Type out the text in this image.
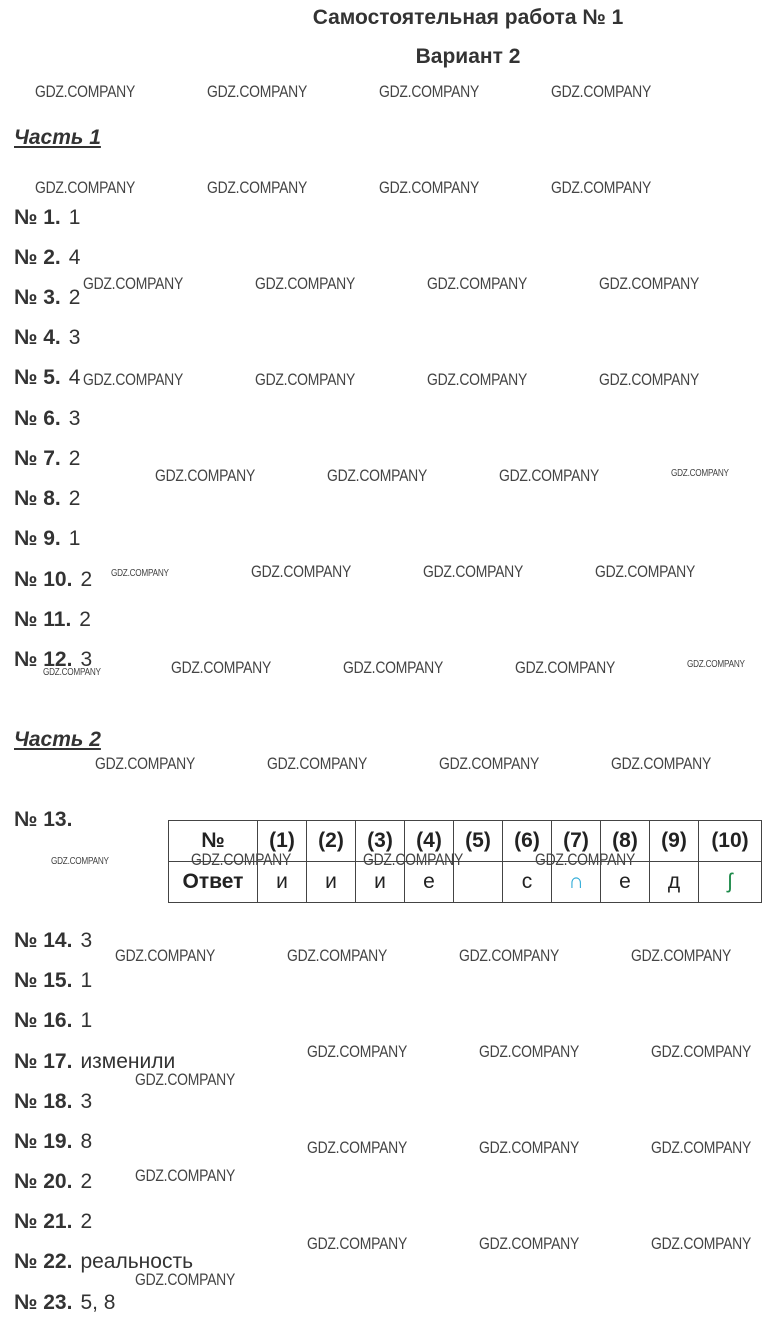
Самостоятельная работа № 1
Вариант 2
Часть 1
№ 1. 1
№ 2. 4
№ 3. 2
№ 4. 3
№ 5. 4
№ 6. 3
№ 7. 2
№ 8. 2
№ 9. 1
№ 10. 2
№ 11. 2
№ 12. 3
Часть 2
№ 13.
№	(1)	(2)	(3)	(4)	(5)	(6)	(7)	(8)	(9)	(10)
Ответ	и	и	и	е		с	∩	е	д	ʃ
№ 14. 3
№ 15. 1
№ 16. 1
№ 17. изменили
№ 18. 3
№ 19. 8
№ 20. 2
№ 21. 2
№ 22. реальность
№ 23. 5, 8
GDZ.COMPANY	GDZ.COMPANY	GDZ.COMPANY	GDZ.COMPANY
GDZ.COMPANY	GDZ.COMPANY	GDZ.COMPANY	GDZ.COMPANY
GDZ.COMPANY	GDZ.COMPANY	GDZ.COMPANY	GDZ.COMPANY
GDZ.COMPANY	GDZ.COMPANY	GDZ.COMPANY	GDZ.COMPANY
GDZ.COMPANY	GDZ.COMPANY	GDZ.COMPANY	GDZ.COMPANY
GDZ.COMPANY	GDZ.COMPANY	GDZ.COMPANY	GDZ.COMPANY
GDZ.COMPANY	GDZ.COMPANY	GDZ.COMPANY	GDZ.COMPANY	GDZ.COMPANY
GDZ.COMPANY	GDZ.COMPANY	GDZ.COMPANY	GDZ.COMPANY
GDZ.COMPANY	GDZ.COMPANY	GDZ.COMPANY	GDZ.COMPANY
GDZ.COMPANY	GDZ.COMPANY	GDZ.COMPANY	GDZ.COMPANY
GDZ.COMPANY	GDZ.COMPANY	GDZ.COMPANY
GDZ.COMPANY
GDZ.COMPANY	GDZ.COMPANY	GDZ.COMPANY
GDZ.COMPANY
GDZ.COMPANY	GDZ.COMPANY	GDZ.COMPANY
GDZ.COMPANY
